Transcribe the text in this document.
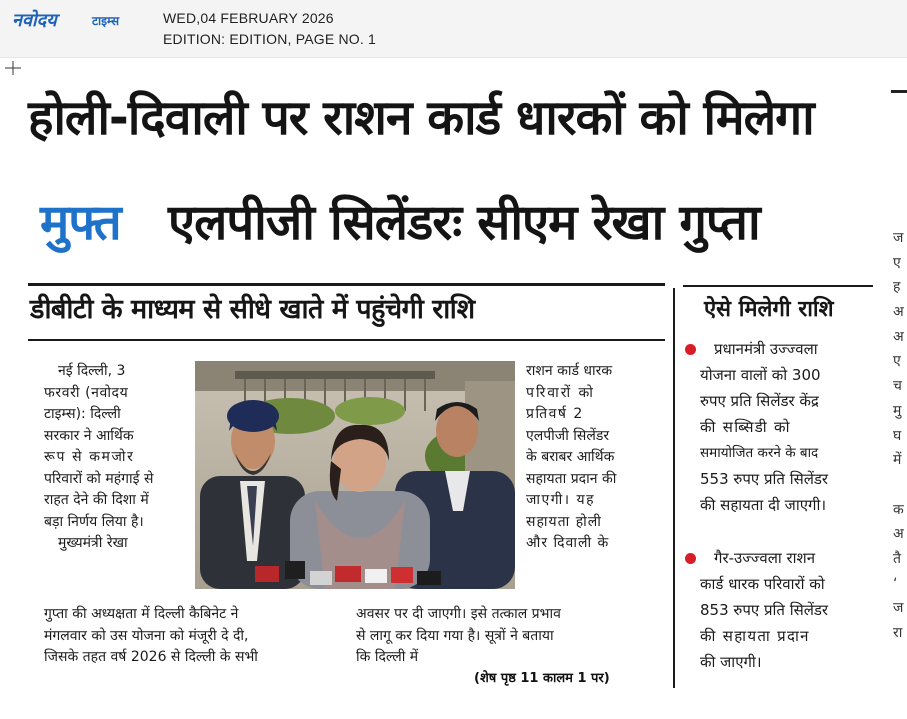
नवोदय	टाइम्स	WED,04 FEBRUARY 2026
EDITION: EDITION, PAGE NO. 1
होली-दिवाली पर राशन कार्ड धारकों को मिलेगा
मुफ्त एलपीजी सिलेंडरः सीएम रेखा गुप्ता
डीबीटी के माध्यम से सीधे खाते में पहुंचेगी राशि
नई दिल्ली, 3
फरवरी (नवोदय
टाइम्स): दिल्ली
सरकार ने आर्थिक
रूप से कमजोर
परिवारों को महंगाई से
राहत देने की दिशा में
बड़ा निर्णय लिया है।
मुख्यमंत्री रेखा
गुप्ता की अध्यक्षता में दिल्ली कैबिनेट ने
मंगलवार को उस योजना को मंजूरी दे दी,
जिसके तहत वर्ष 2026 से दिल्ली के सभी
राशन कार्ड धारक
परिवारों को
प्रतिवर्ष 2
एलपीजी सिलेंडर
के बराबर आर्थिक
सहायता प्रदान की
जाएगी। यह
सहायता होली
और दिवाली के
अवसर पर दी जाएगी। इसे तत्काल प्रभाव
से लागू कर दिया गया है। सूत्रों ने बताया
कि दिल्ली में
(शेष पृष्ठ 11 कालम 1 पर)
ऐसे मिलेगी राशि
प्रधानमंत्री उज्ज्वला
योजना वालों को 300
रुपए प्रति सिलेंडर केंद्र
की सब्सिडी को
समायोजित करने के बाद
553 रुपए प्रति सिलेंडर
की सहायता दी जाएगी।
गैर-उज्ज्वला राशन
कार्ड धारक परिवारों को
853 रुपए प्रति सिलेंडर
की सहायता प्रदान
की जाएगी।
ज
ए
ह
अ
अ
ए
च
मु
घ
में
क
अ
तै
‘
ज
रा
